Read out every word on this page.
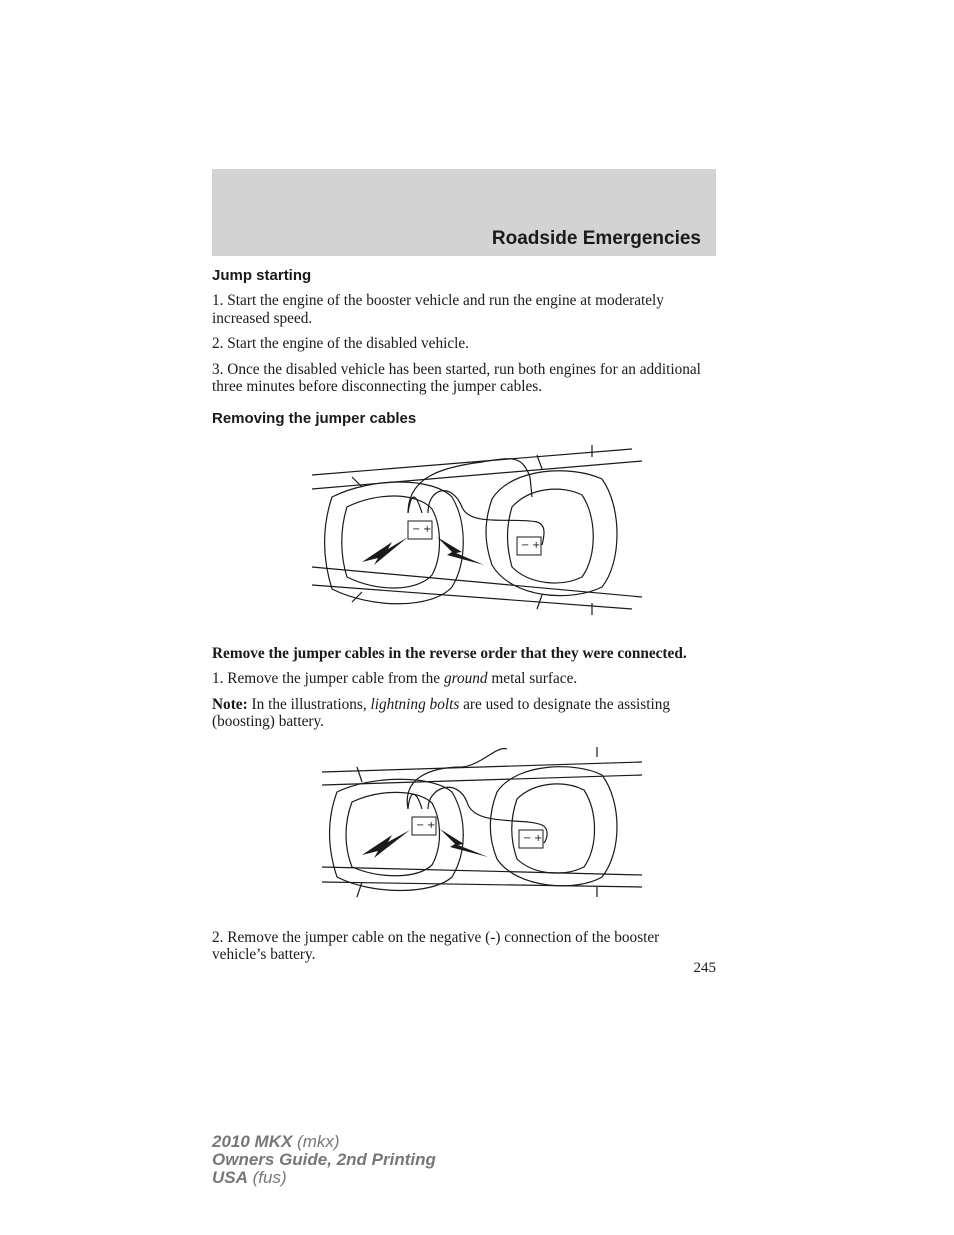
Roadside Emergencies
Jump starting

1. Start the engine of the booster vehicle and run the engine at moderately increased speed.

2. Start the engine of the disabled vehicle.

3. Once the disabled vehicle has been started, run both engines for an additional three minutes before disconnecting the jumper cables.

Removing the jumper cables
− +
− +

Remove the jumper cables in the reverse order that they were connected.

1. Remove the jumper cable from the ground metal surface.

Note: In the illustrations, lightning bolts are used to designate the assisting (boosting) battery.

− +
− +

2. Remove the jumper cable on the negative (-) connection of the booster vehicle’s battery.

245
2010 MKX (mkx)
Owners Guide, 2nd Printing
USA (fus)
